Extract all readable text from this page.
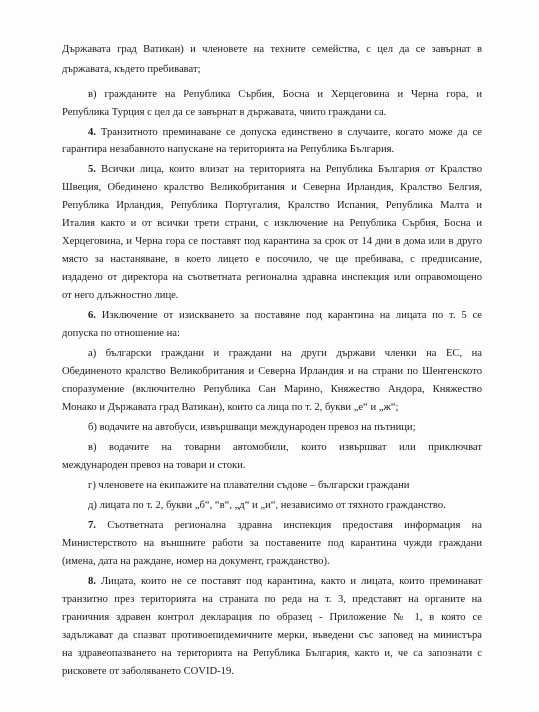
Държавата град Ватикан) и членовете на техните семейства, с цел да се завърнат в
държавата, където пребивават;
в) гражданите на Република Сърбия, Босна и Херцеговина и Черна гора, и
Република Турция с цел да се завърнат в държавата, чиито граждани са.
4. Транзитното преминаване се допуска единствено в случаите, когато може да се
гарантира незабавното напускане на територията на Република България.
5. Всички лица, които влизат на територията на Република България от Кралство
Швеция, Обединено кралство Великобритания и Северна Ирландия, Кралство Белгия,
Република Ирландия, Република Португалия, Кралство Испания, Република Малта и
Италия както и от всички трети страни, с изключение на Република Сърбия, Босна и
Херцеговина, и Черна гора се поставят под карантина за срок от 14 дни в дома или в друго
място за настаняване, в което лицето е посочило, че ще пребивава, с предписание,
издадено от директора на съответната регионална здравна инспекция или оправомощено
от него длъжностно лице.
6. Изключение от изискването за поставяне под карантина на лицата по т. 5 се
допуска по отношение на:
а) български граждани и граждани на други държави членки на ЕС, на
Обединеното кралство Великобритания и Северна Ирландия и на страни по Шенгенското
споразумение (включително Република Сан Марино, Княжество Андора, Княжество
Монако и Държавата град Ватикан), които са лица по т. 2, букви „е“ и „ж“;
б) водачите на автобуси, извършващи международен превоз на пътници;
в) водачите на товарни автомобили, които извършват или приключват
международен превоз на товари и стоки.
г) членовете на екипажите на плавателни съдове – български граждани
д) лицата по т. 2, букви „б“, “в“, „д“ и „и“, независимо от тяхното гражданство.
7. Съответната регионална здравна инспекция предоставя информация на
Министерството на външните работи за поставените под карантина чужди граждани
(имена, дата на раждане, номер на документ, гражданство).
8. Лицата, които не се поставят под карантина, както и лицата, които преминават
транзитно през територията на страната по реда на т. 3, представят на органите на
граничния здравен контрол декларация по образец - Приложение № 1, в която се
задължават да спазват противоепидемичните мерки, въведени със заповед на министъра
на здравеопазването на територията на Република България, както и, че са запознати с
рисковете от заболяването COVID-19.
